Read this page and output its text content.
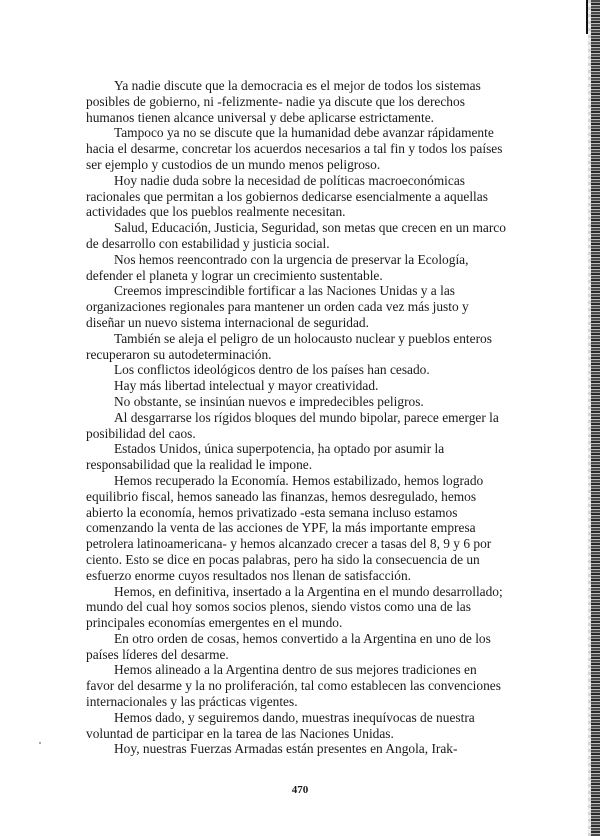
Ya nadie discute que la democracia es el mejor de todos los sistemas posibles de gobierno, ni -felizmente- nadie ya discute que los derechos humanos tienen alcance universal y debe aplicarse estrictamente.

Tampoco ya no se discute que la humanidad debe avanzar rápidamente hacia el desarme, concretar los acuerdos necesarios a tal fin y todos los países ser ejemplo y custodios de un mundo menos peligroso.

Hoy nadie duda sobre la necesidad de políticas macroeconómicas racionales que permitan a los gobiernos dedicarse esencialmente a aquellas actividades que los pueblos realmente necesitan.

Salud, Educación, Justicia, Seguridad, son metas que crecen en un marco de desarrollo con estabilidad y justicia social.

Nos hemos reencontrado con la urgencia de preservar la Ecología, defender el planeta y lograr un crecimiento sustentable.

Creemos imprescindible fortificar a las Naciones Unidas y a las organizaciones regionales para mantener un orden cada vez más justo y diseñar un nuevo sistema internacional de seguridad.

También se aleja el peligro de un holocausto nuclear y pueblos enteros recuperaron su autodeterminación.

Los conflictos ideológicos dentro de los países han cesado.

Hay más libertad intelectual y mayor creatividad.

No obstante, se insinúan nuevos e impredecibles peligros.

Al desgarrarse los rígidos bloques del mundo bipolar, parece emerger la posibilidad del caos.

Estados Unidos, única superpotencia, ha optado por asumir la responsabilidad que la realidad le impone.

Hemos recuperado la Economía. Hemos estabilizado, hemos logrado equilibrio fiscal, hemos saneado las finanzas, hemos desregulado, hemos abierto la economía, hemos privatizado -esta semana incluso estamos comenzando la venta de las acciones de YPF, la más importante empresa petrolera latinoamericana- y hemos alcanzado crecer a tasas del 8, 9 y 6 por ciento. Esto se dice en pocas palabras, pero ha sido la consecuencia de un esfuerzo enorme cuyos resultados nos llenan de satisfacción.

Hemos, en definitiva, insertado a la Argentina en el mundo desarrollado; mundo del cual hoy somos socios plenos, siendo vistos como una de las principales economías emergentes en el mundo.

En otro orden de cosas, hemos convertido a la Argentina en uno de los países líderes del desarme.

Hemos alineado a la Argentina dentro de sus mejores tradiciones en favor del desarme y la no proliferación, tal como establecen las convenciones internacionales y las prácticas vigentes.

Hemos dado, y seguiremos dando, muestras inequívocas de nuestra voluntad de participar en la tarea de las Naciones Unidas.

Hoy, nuestras Fuerzas Armadas están presentes en Angola, Irak-

470
